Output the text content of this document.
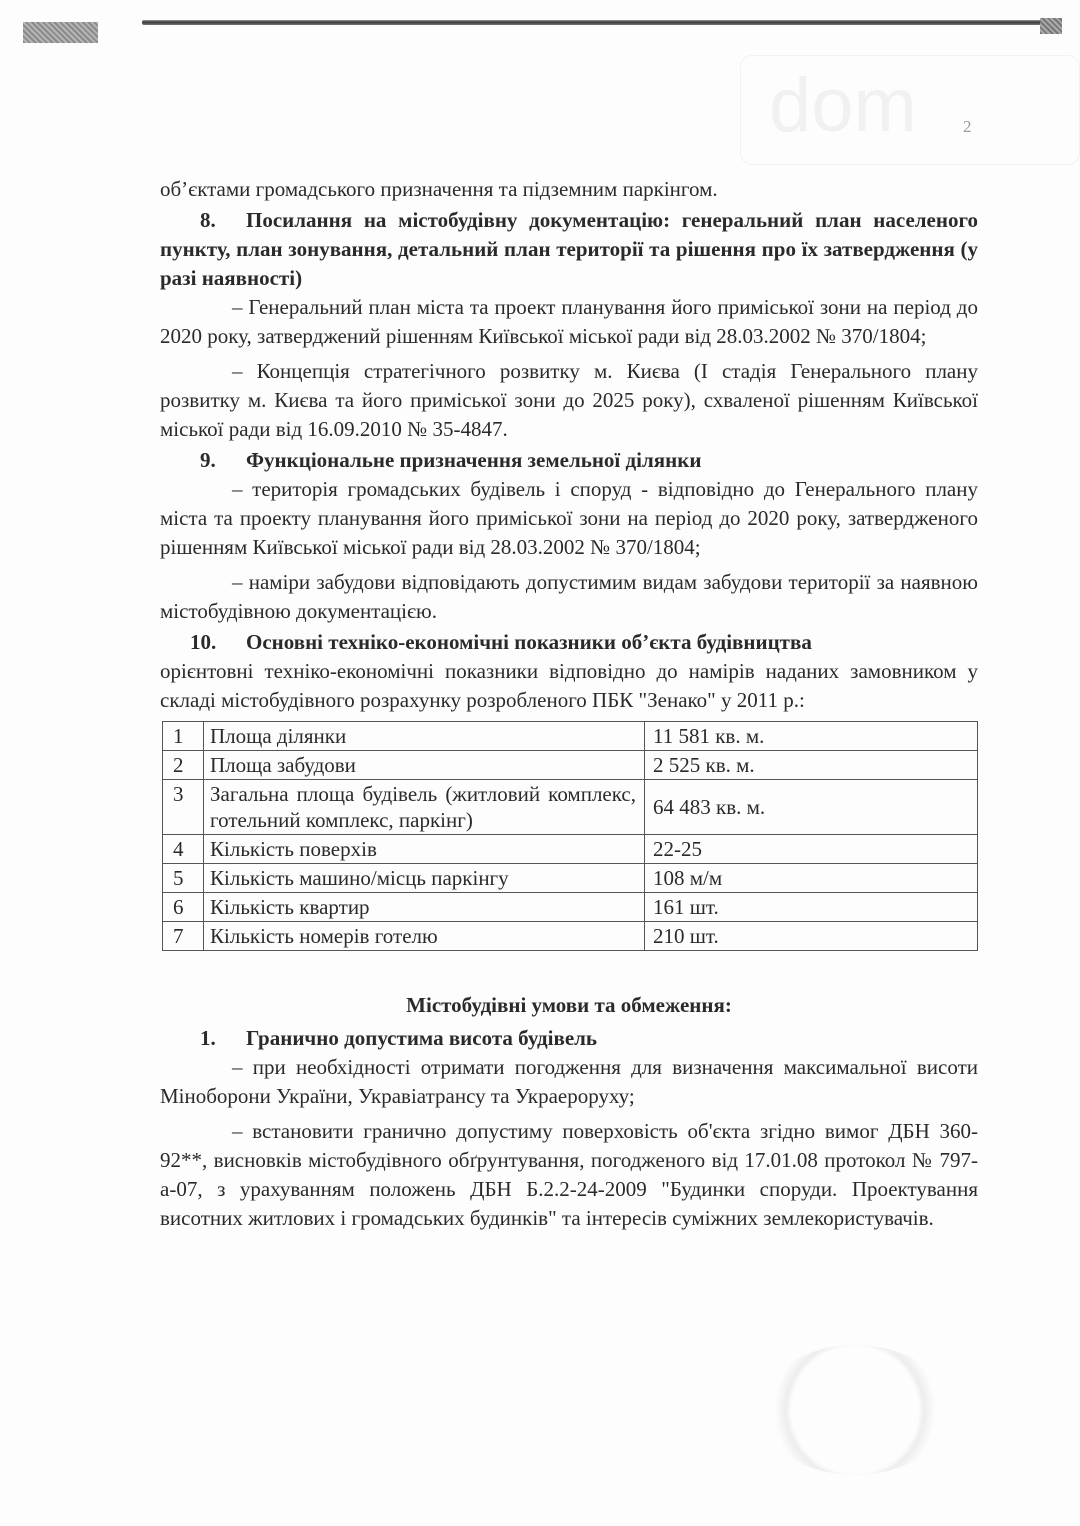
dom	2

об’єктами громадського призначення та підземним паркінгом.

8. Посилання на містобудівну документацію: генеральний план населеного пункту, план зонування, детальний план території та рішення про їх затвердження (у разі наявності)

– Генеральний план міста та проект планування його приміської зони на період до 2020 року, затверджений рішенням Київської міської ради від 28.03.2002 № 370/1804;

– Концепція стратегічного розвитку м. Києва (І стадія Генерального плану розвитку м. Києва та його приміської зони до 2025 року), схваленої рішенням Київської міської ради від 16.09.2010 № 35-4847.

9. Функціональне призначення земельної ділянки

– територія громадських будівель і споруд - відповідно до Генерального плану міста та проекту планування його приміської зони на період до 2020 року, затвердженого рішенням Київської міської ради від 28.03.2002 № 370/1804;

– наміри забудови відповідають допустимим видам забудови території за наявною містобудівною документацією.

10. Основні техніко-економічні показники об’єкта будівництва

орієнтовні техніко-економічні показники відповідно до намірів наданих замовником у складі містобудівного розрахунку розробленого ПБК "Зенако" у 2011 р.:

1	Площа ділянки	11 581 кв. м.
2	Площа забудови	2 525 кв. м.
3	Загальна площа будівель (житловий комплекс, готельний комплекс, паркінг)	64 483 кв. м.
4	Кількість поверхів	22-25
5	Кількість машино/місць паркінгу	108 м/м
6	Кількість квартир	161 шт.
7	Кількість номерів готелю	210 шт.

Містобудівні умови та обмеження:

1. Гранично допустима висота будівель

– при необхідності отримати погодження для визначення максимальної висоти Міноборони України, Укравіатрансу та Украероруху;

– встановити гранично допустиму поверховість об'єкта згідно вимог ДБН 360-92**, висновків містобудівного обґрунтування, погодженого від 17.01.08 протокол № 797-а-07, з урахуванням положень ДБН Б.2.2-24-2009 "Будинки споруди. Проектування висотних житлових і громадських будинків" та інтересів суміжних землекористувачів.
